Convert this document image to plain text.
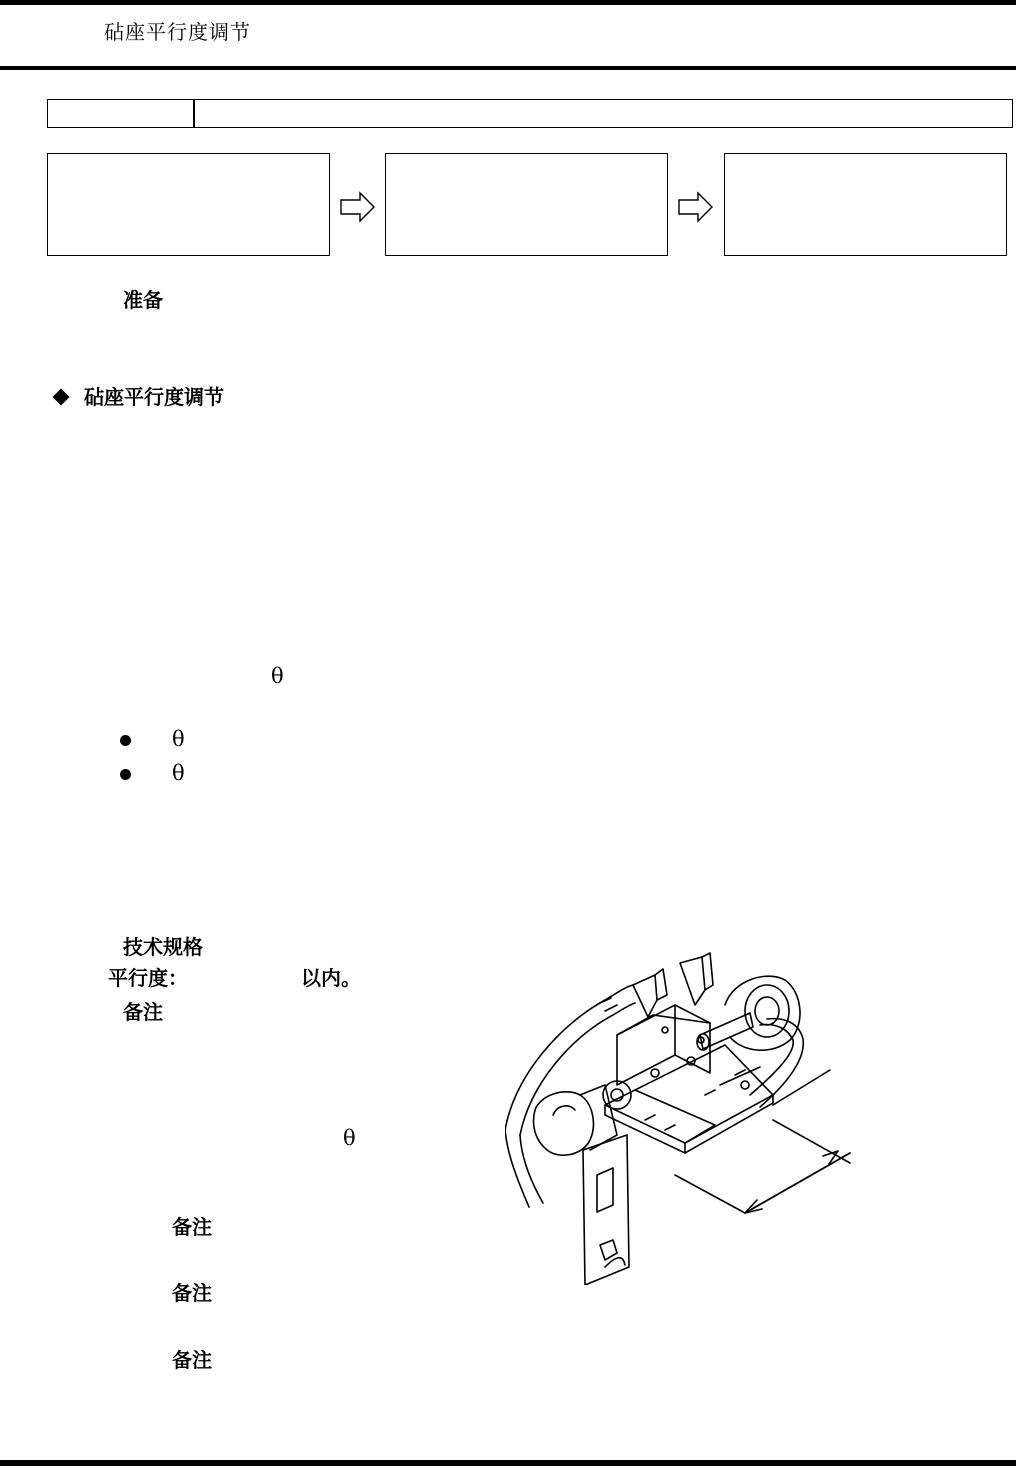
砧座平行度调节
准备
砧座平行度调节
θ
θ
θ
技术规格
平行度：	以内。
备注
θ
备注
备注
备注
